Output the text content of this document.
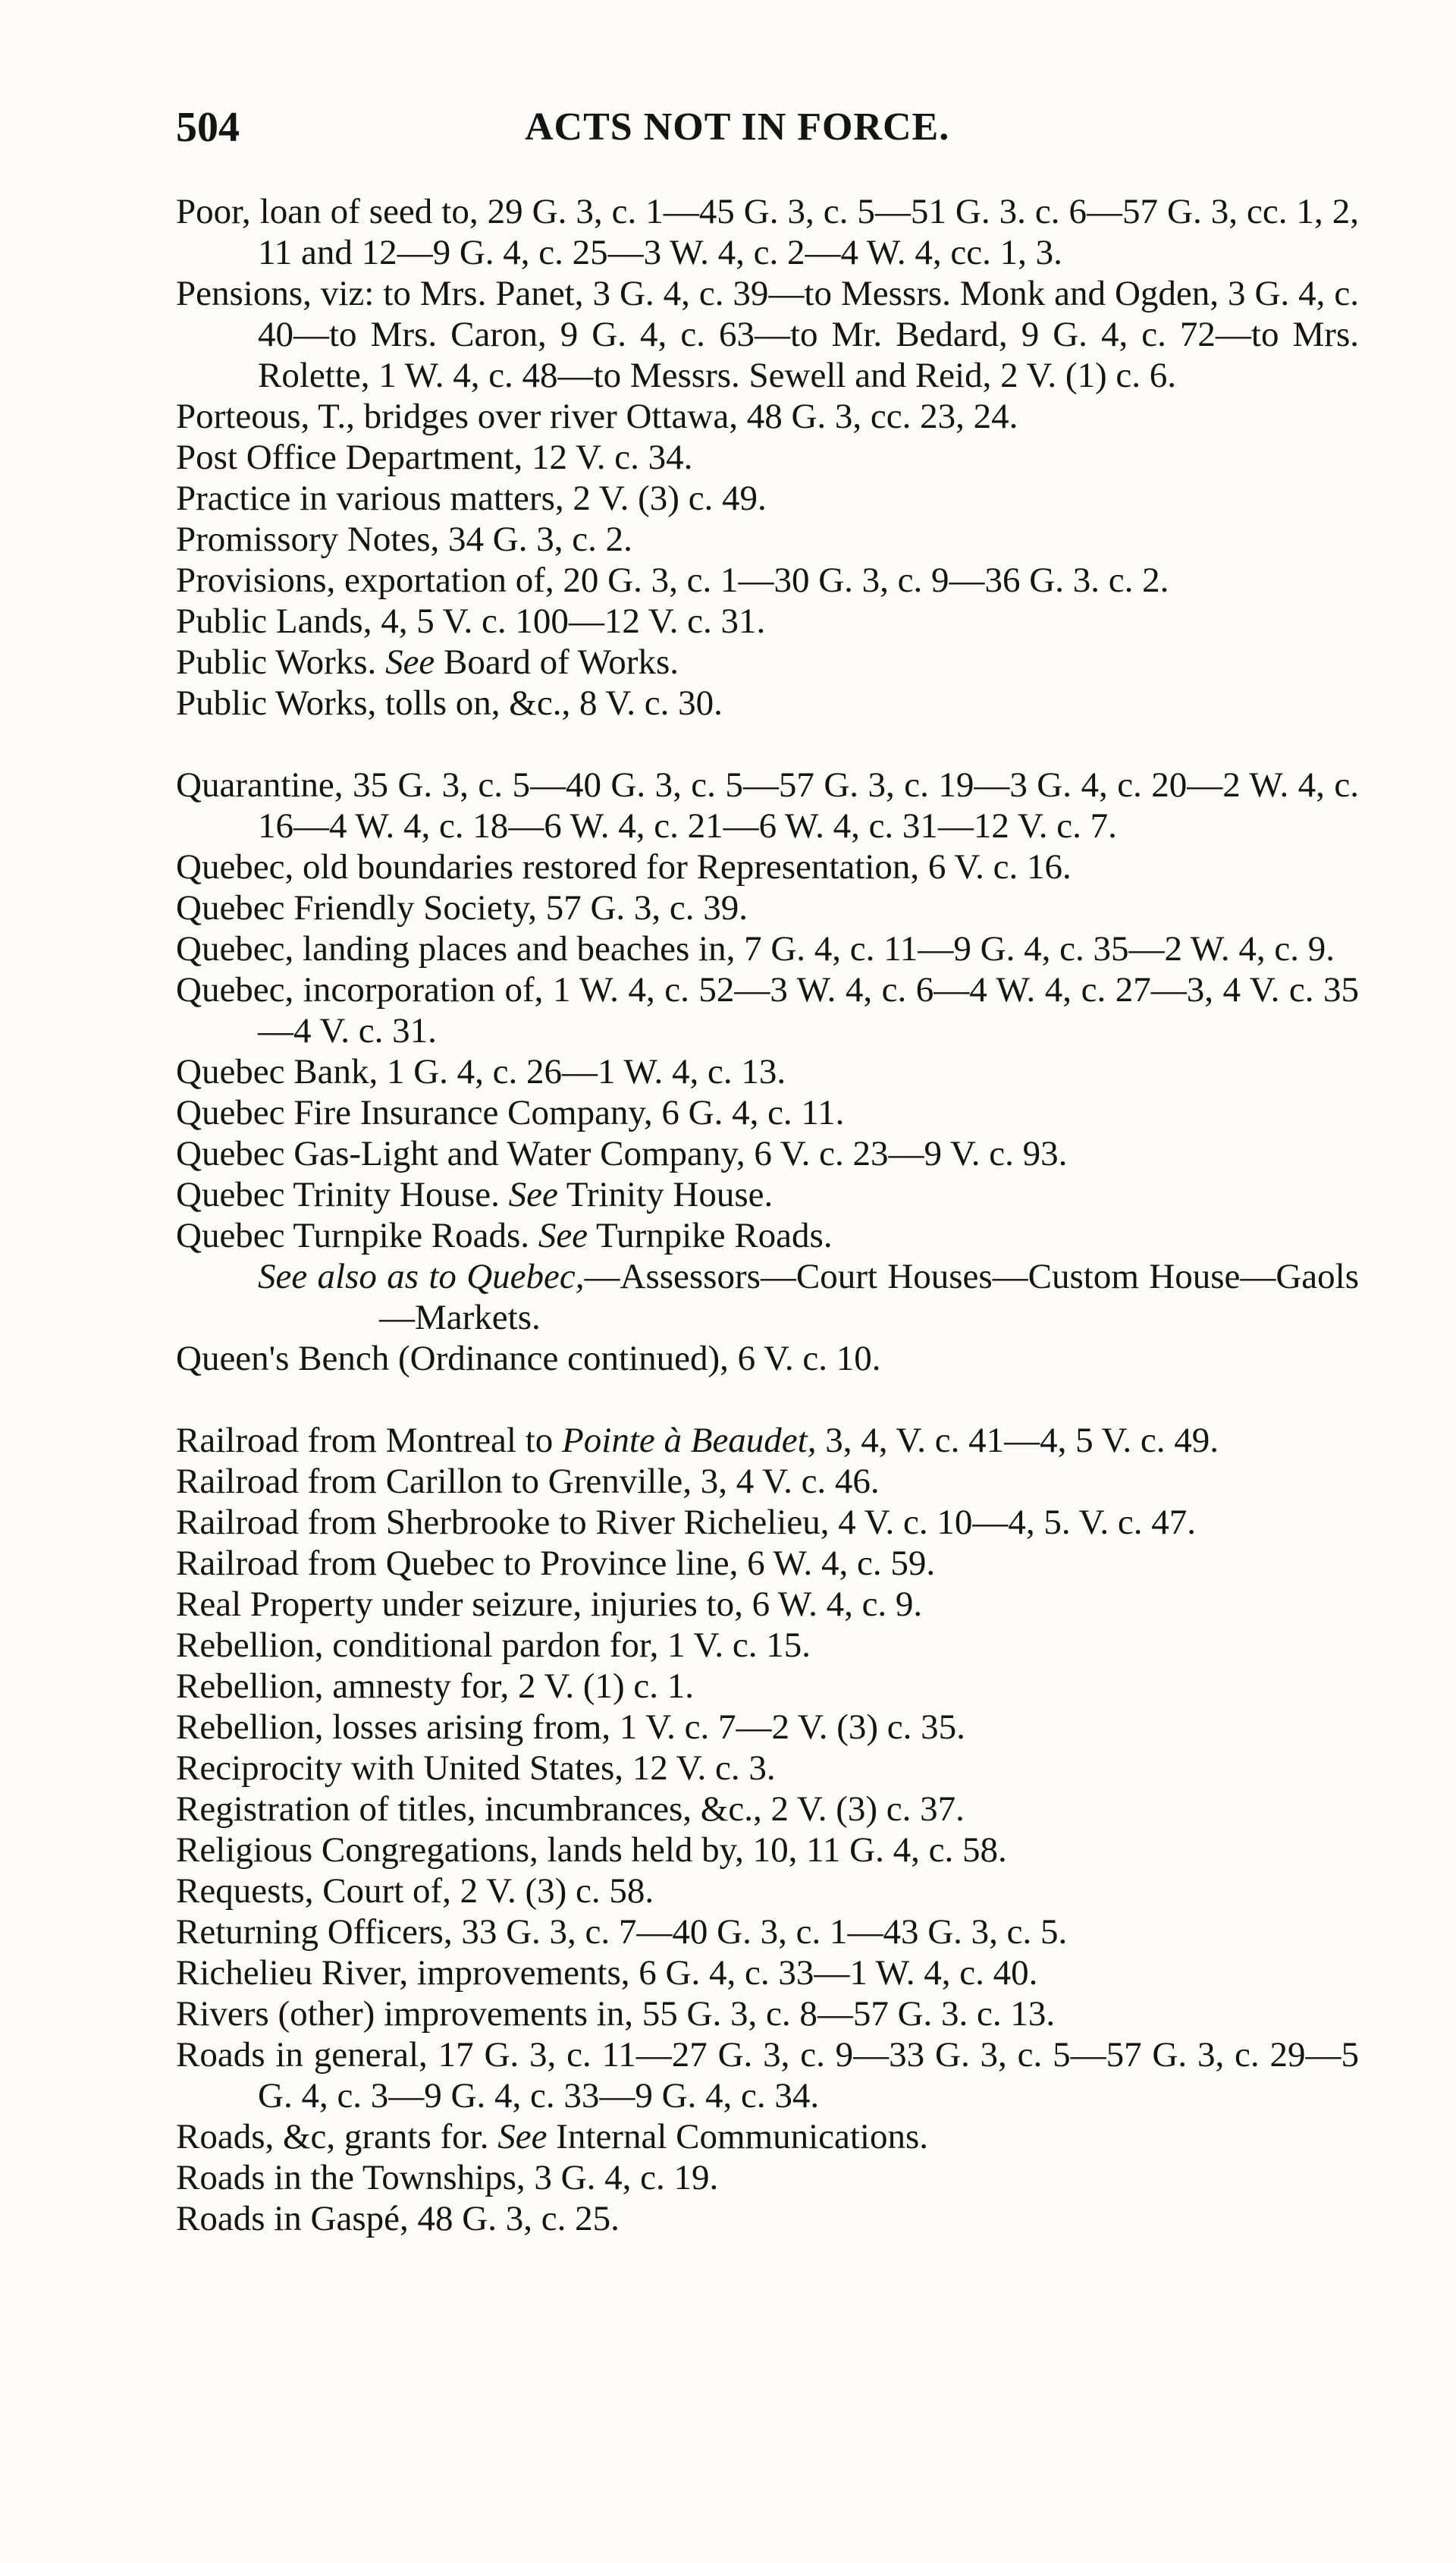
504	ACTS NOT IN FORCE.

Poor, loan of seed to, 29 G. 3, c. 1—45 G. 3, c. 5—51 G. 3. c. 6—57 G. 3, cc. 1, 2, 11 and 12—9 G. 4, c. 25—3 W. 4, c. 2—4 W. 4, cc. 1, 3.

Pensions, viz: to Mrs. Panet, 3 G. 4, c. 39—to Messrs. Monk and Ogden, 3 G. 4, c. 40—to Mrs. Caron, 9 G. 4, c. 63—to Mr. Bedard, 9 G. 4, c. 72—to Mrs. Rolette, 1 W. 4, c. 48—to Messrs. Sewell and Reid, 2 V. (1) c. 6.

Porteous, T., bridges over river Ottawa, 48 G. 3, cc. 23, 24.

Post Office Department, 12 V. c. 34.

Practice in various matters, 2 V. (3) c. 49.

Promissory Notes, 34 G. 3, c. 2.

Provisions, exportation of, 20 G. 3, c. 1—30 G. 3, c. 9—36 G. 3. c. 2.

Public Lands, 4, 5 V. c. 100—12 V. c. 31.

Public Works. See Board of Works.

Public Works, tolls on, &c., 8 V. c. 30.

Quarantine, 35 G. 3, c. 5—40 G. 3, c. 5—57 G. 3, c. 19—3 G. 4, c. 20—2 W. 4, c. 16—4 W. 4, c. 18—6 W. 4, c. 21—6 W. 4, c. 31—12 V. c. 7.

Quebec, old boundaries restored for Representation, 6 V. c. 16.

Quebec Friendly Society, 57 G. 3, c. 39.

Quebec, landing places and beaches in, 7 G. 4, c. 11—9 G. 4, c. 35—2 W. 4, c. 9.

Quebec, incorporation of, 1 W. 4, c. 52—3 W. 4, c. 6—4 W. 4, c. 27—3, 4 V. c. 35—4 V. c. 31.

Quebec Bank, 1 G. 4, c. 26—1 W. 4, c. 13.

Quebec Fire Insurance Company, 6 G. 4, c. 11.

Quebec Gas-Light and Water Company, 6 V. c. 23—9 V. c. 93.

Quebec Trinity House. See Trinity House.

Quebec Turnpike Roads. See Turnpike Roads.

See also as to Quebec,—Assessors—Court Houses—Custom House—Gaols—Markets.

Queen's Bench (Ordinance continued), 6 V. c. 10.

Railroad from Montreal to Pointe à Beaudet, 3, 4, V. c. 41—4, 5 V. c. 49.

Railroad from Carillon to Grenville, 3, 4 V. c. 46.

Railroad from Sherbrooke to River Richelieu, 4 V. c. 10—4, 5. V. c. 47.

Railroad from Quebec to Province line, 6 W. 4, c. 59.

Real Property under seizure, injuries to, 6 W. 4, c. 9.

Rebellion, conditional pardon for, 1 V. c. 15.

Rebellion, amnesty for, 2 V. (1) c. 1.

Rebellion, losses arising from, 1 V. c. 7—2 V. (3) c. 35.

Reciprocity with United States, 12 V. c. 3.

Registration of titles, incumbrances, &c., 2 V. (3) c. 37.

Religious Congregations, lands held by, 10, 11 G. 4, c. 58.

Requests, Court of, 2 V. (3) c. 58.

Returning Officers, 33 G. 3, c. 7—40 G. 3, c. 1—43 G. 3, c. 5.

Richelieu River, improvements, 6 G. 4, c. 33—1 W. 4, c. 40.

Rivers (other) improvements in, 55 G. 3, c. 8—57 G. 3. c. 13.

Roads in general, 17 G. 3, c. 11—27 G. 3, c. 9—33 G. 3, c. 5—57 G. 3, c. 29—5 G. 4, c. 3—9 G. 4, c. 33—9 G. 4, c. 34.

Roads, &c, grants for. See Internal Communications.

Roads in the Townships, 3 G. 4, c. 19.

Roads in Gaspé, 48 G. 3, c. 25.
